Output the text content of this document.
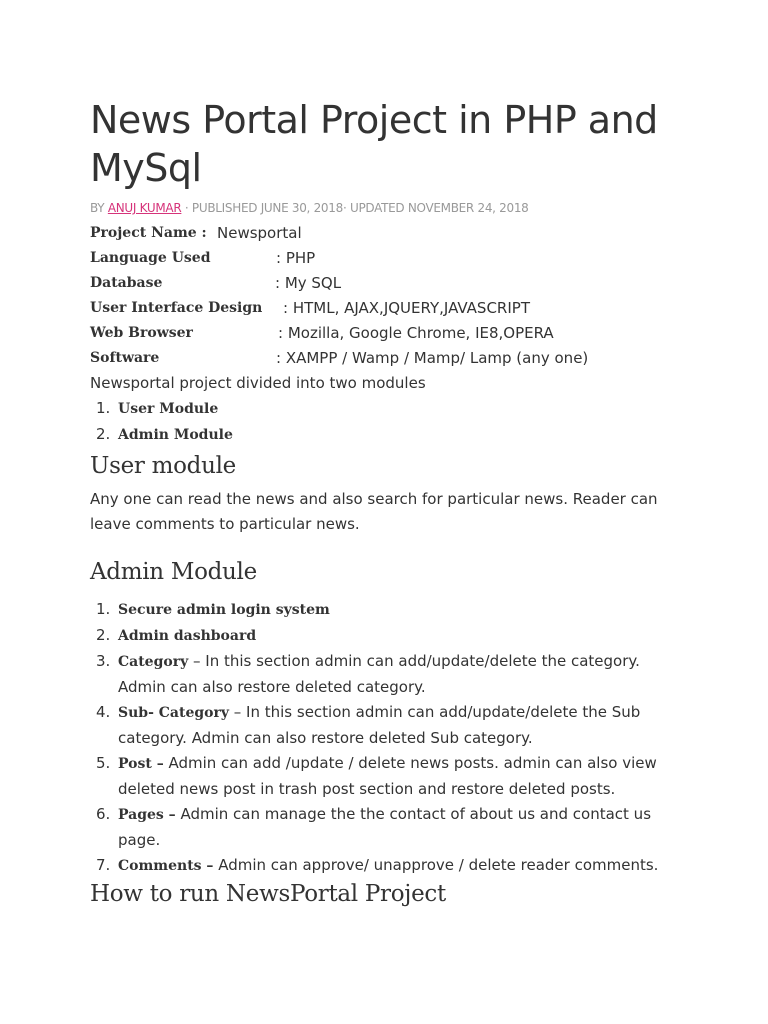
News Portal Project in PHP and MySql
BY ANUJ KUMAR · PUBLISHED JUNE 30, 2018· UPDATED NOVEMBER 24, 2018
Project Name : Newsportal
Language Used	: PHP
Database	: My SQL
User Interface Design : HTML, AJAX,JQUERY,JAVASCRIPT
Web Browser	: Mozilla, Google Chrome, IE8,OPERA
Software	: XAMPP / Wamp / Mamp/ Lamp (any one)
Newsportal project divided into two modules
1. User Module
2. Admin Module
User module

Any one can read the news and also search for particular news. Reader can leave comments to particular news.

Admin Module
1. Secure admin login system
2. Admin dashboard
3. Category – In this section admin can add/update/delete the category. Admin can also restore deleted category.
4. Sub- Category – In this section admin can add/update/delete the Sub category. Admin can also restore deleted Sub category.
5. Post – Admin can add /update / delete news posts. admin can also view deleted news post in trash post section and restore deleted posts.
6. Pages – Admin can manage the the contact of about us and contact us page.
7. Comments – Admin can approve/ unapprove / delete reader comments.
How to run NewsPortal Project
